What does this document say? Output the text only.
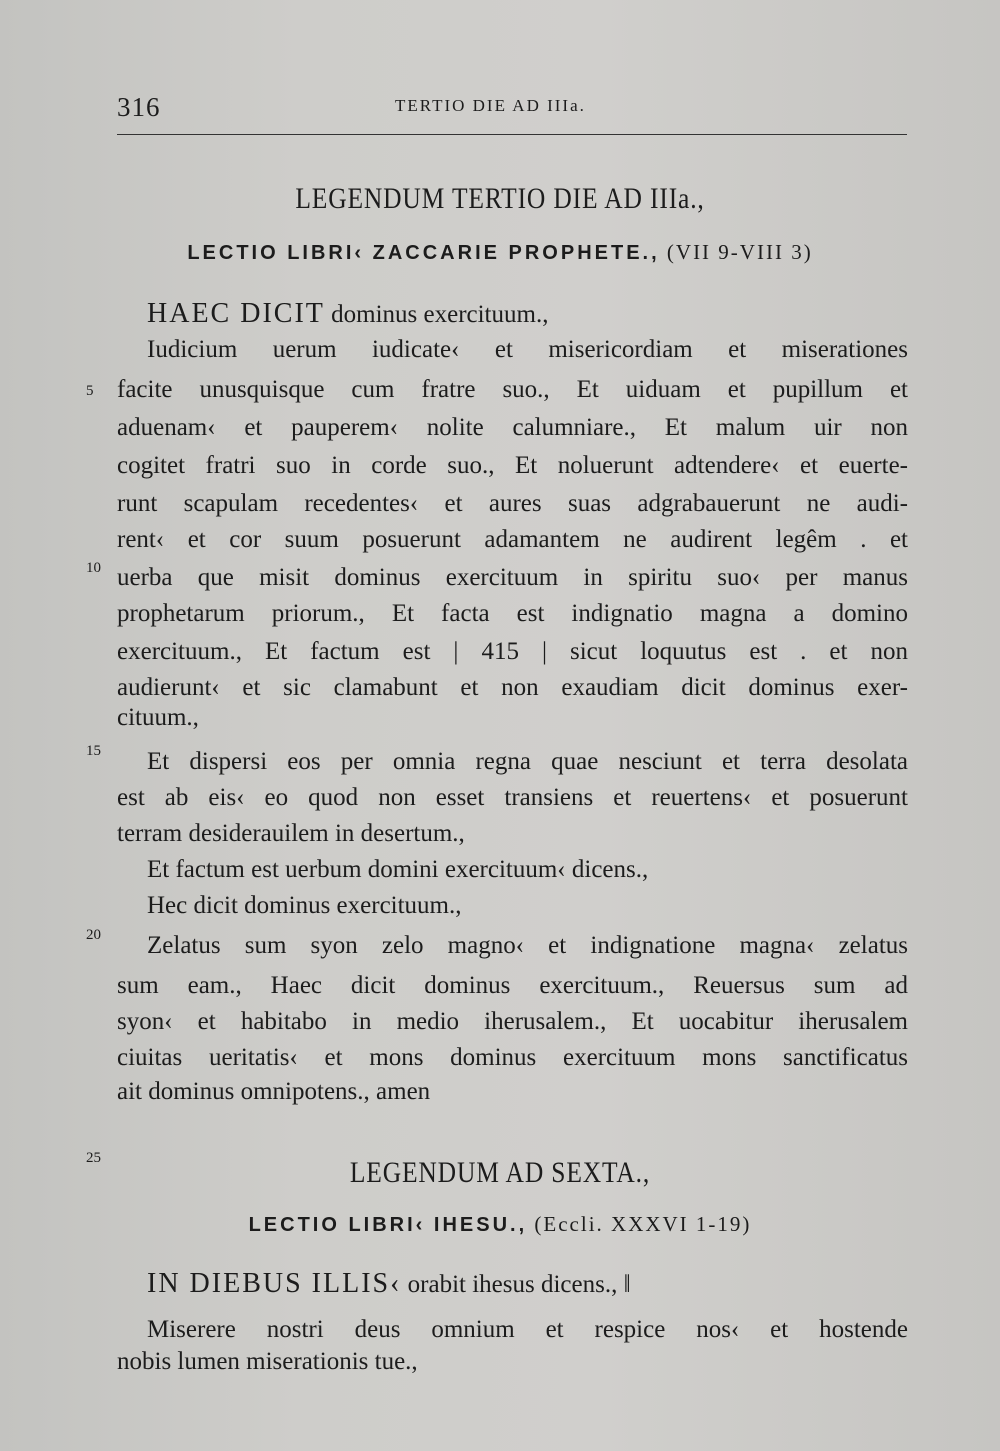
316	TERTIO DIE AD IIIa.
LEGENDUM TERTIO DIE AD IIIa.,
LECTIO LIBRI‹ ZACCARIE PROPHETE., (VII 9-VIII 3)
HAEC DICIT dominus exercituum.,
Iudicium uerum iudicate‹ et misericordiam et miserationes
facite unusquisque cum fratre suo., Et uiduam et pupillum et
aduenam‹ et pauperem‹ nolite calumniare., Et malum uir non
cogitet fratri suo in corde suo., Et noluerunt adtendere‹ et euerte-
runt scapulam recedentes‹ et aures suas adgrabauerunt ne audi-
rent‹ et cor suum posuerunt adamantem ne audirent legêm . et
uerba que misit dominus exercituum in spiritu suo‹ per manus
prophetarum priorum., Et facta est indignatio magna a domino
exercituum., Et factum est | 415 | sicut loquutus est . et non
audierunt‹ et sic clamabunt et non exaudiam dicit dominus exer-
cituum.,
Et dispersi eos per omnia regna quae nesciunt et terra desolata
est ab eis‹ eo quod non esset transiens et reuertens‹ et posuerunt
terram desiderauilem in desertum.,
Et factum est uerbum domini exercituum‹ dicens.,
Hec dicit dominus exercituum.,
Zelatus sum syon zelo magno‹ et indignatione magna‹ zelatus
sum eam., Haec dicit dominus exercituum., Reuersus sum ad
syon‹ et habitabo in medio iherusalem., Et uocabitur iherusalem
ciuitas ueritatis‹ et mons dominus exercituum mons sanctificatus
ait dominus omnipotens., amen
5
10
15
20
25	LEGENDUM AD SEXTA.,
LECTIO LIBRI‹ IHESU., (Eccli. XXXVI 1-19)
IN DIEBUS ILLIS‹ orabit ihesus dicens., ‖
Miserere nostri deus omnium et respice nos‹ et hostende
nobis lumen miserationis tue.,
